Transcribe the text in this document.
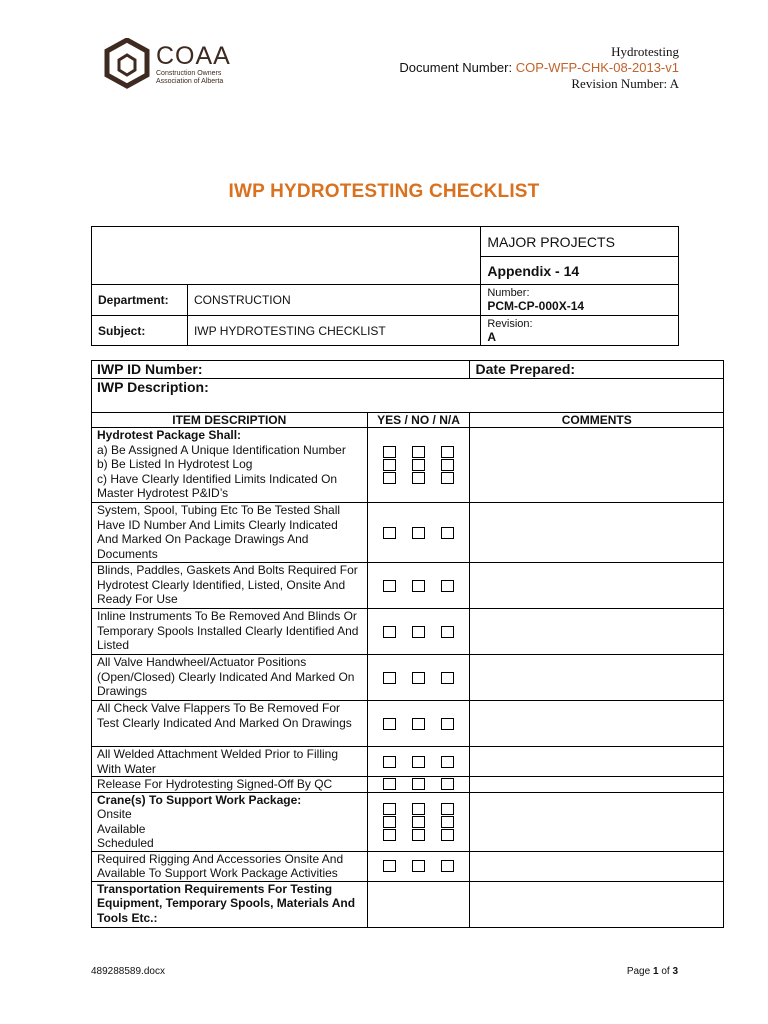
COAA
Construction Owners Association of Alberta
Hydrotesting
Document Number: COP-WFP-CHK-08-2013-v1
Revision Number: A
IWP HYDROTESTING CHECKLIST
		MAJOR PROJECTS
		Appendix - 14
Department:	CONSTRUCTION	Number:
PCM-CP-000X-14

Subject:	IWP HYDROTESTING CHECKLIST	Revision:
A
IWP ID Number:		Date Prepared:
IWP Description:		
ITEM DESCRIPTION	YES / NO / N/A	COMMENTS

Hydrotest Package Shall:
a) Be Assigned A Unique Identification Number
b) Be Listed In Hydrotest Log
c) Have Clearly Identified Limits Indicated On Master Hydrotest P&ID’s		

System, Spool, Tubing Etc To Be Tested Shall Have ID Number And Limits Clearly Indicated And Marked On Package Drawings And Documents		

Blinds, Paddles, Gaskets And Bolts Required For Hydrotest Clearly Identified, Listed, Onsite And Ready For Use		

Inline Instruments To Be Removed And Blinds Or Temporary Spools Installed Clearly Identified And Listed		

All Valve Handwheel/Actuator Positions (Open/Closed) Clearly Indicated And Marked On Drawings		

All Check Valve Flappers To Be Removed For Test Clearly Indicated And Marked On Drawings		

All Welded Attachment Welded Prior to Filling With Water		

Release For Hydrotesting Signed-Off By QC		

Crane(s) To Support Work Package:
Onsite
Available
Scheduled		

Required Rigging And Accessories Onsite And Available To Support Work Package Activities		

Transportation Requirements For Testing Equipment, Temporary Spools, Materials And Tools Etc.:		

489288589.docx	Page 1 of 3
